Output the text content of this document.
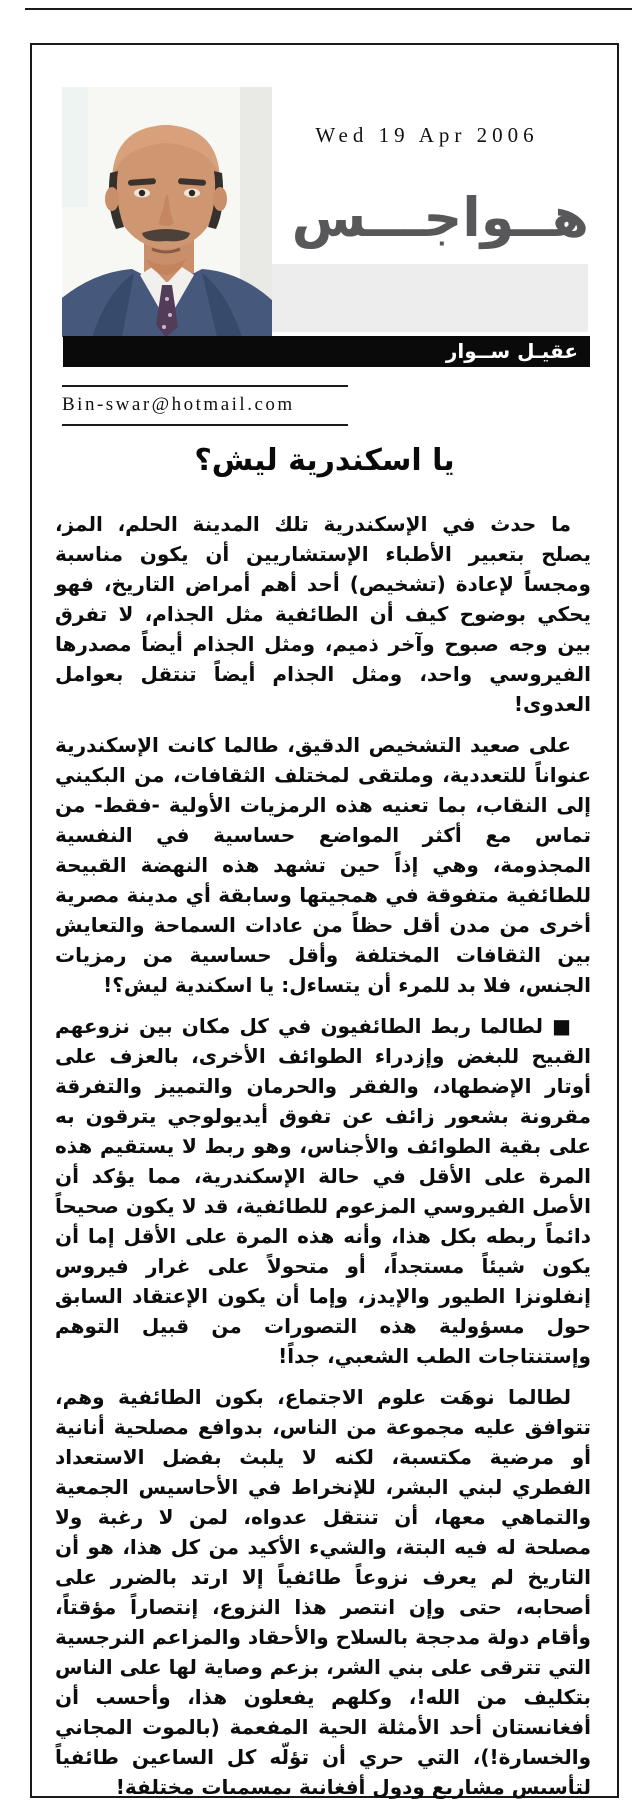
Wed 19 Apr 2006
هــواجـــس
عقيـل ســوار
Bin-swar@hotmail.com
يا اسكندرية ليش؟

ما حدث في الإسكندرية تلك المدينة الحلم، المز، يصلح بتعبير الأطباء الإستشاريين أن يكون مناسبة ومجساً لإعادة (تشخيص) أحد أهم أمراض التاريخ، فهو يحكي بوضوح كيف أن الطائفية مثل الجذام، لا تفرق بين وجه صبوح وآخر ذميم، ومثل الجذام أيضاً مصدرها الفيروسي واحد، ومثل الجذام أيضاً تنتقل بعوامل العدوى!

على صعيد التشخيص الدقيق، طالما كانت الإسكندرية عنواناً للتعددية، وملتقى لمختلف الثقافات، من البكيني إلى النقاب، بما تعنيه هذه الرمزيات الأولية -فقط- من تماس مع أكثر المواضع حساسية في النفسية المجذومة، وهي إذاً حين تشهد هذه النهضة القبيحة للطائفية متفوقة في همجيتها وسابقة أي مدينة مصرية أخرى من مدن أقل حظاً من عادات السماحة والتعايش بين الثقافات المختلفة وأقل حساسية من رمزيات الجنس، فلا بد للمرء أن يتساءل: يا اسكندية ليش؟!

■ لطالما ربط الطائفيون في كل مكان بين نزوعهم القبيح للبغض وإزدراء الطوائف الأخرى، بالعزف على أوتار الإضطهاد، والفقر والحرمان والتمييز والتفرقة مقرونة بشعور زائف عن تفوق أيديولوجي يترقون به على بقية الطوائف والأجناس، وهو ربط لا يستقيم هذه المرة على الأقل في حالة الإسكندرية، مما يؤكد أن الأصل الفيروسي المزعوم للطائفية، قد لا يكون صحيحاً دائماً ربطه بكل هذا، وأنه هذه المرة على الأقل إما أن يكون شيئاً مستجداً، أو متحولاً على غرار فيروس إنفلونزا الطيور والإيدز، وإما أن يكون الإعتقاد السابق حول مسؤولية هذه التصورات من قبيل التوهم وإستنتاجات الطب الشعبي، جداً!

لطالما نوهَت علوم الاجتماع، بكون الطائفية وهم، تتوافق عليه مجموعة من الناس، بدوافع مصلحية أنانية أو مرضية مكتسبة، لكنه لا يلبث بفضل الاستعداد الفطري لبني البشر، للإنخراط في الأحاسيس الجمعية والتماهي معها، أن تنتقل عدواه، لمن لا رغبة ولا مصلحة له فيه البتة، والشيء الأكيد من كل هذا، هو أن التاريخ لم يعرف نزوعاً طائفياً إلا ارتد بالضرر على أصحابه، حتى وإن انتصر هذا النزوع، إنتصاراً مؤقتاً، وأقام دولة مدججة بالسلاح والأحقاد والمزاعم النرجسية التي تترقى على بني الشر، بزعم وصاية لها على الناس بتكليف من الله!، وكلهم يفعلون هذا، وأحسب أن أفغانستان أحد الأمثلة الحية المفعمة (بالموت المجاني والخسارة!)، التي حري أن تؤلّه كل الساعين طائفياً لتأسيس مشاريع ودول أفغانية بمسميات مختلفة!
